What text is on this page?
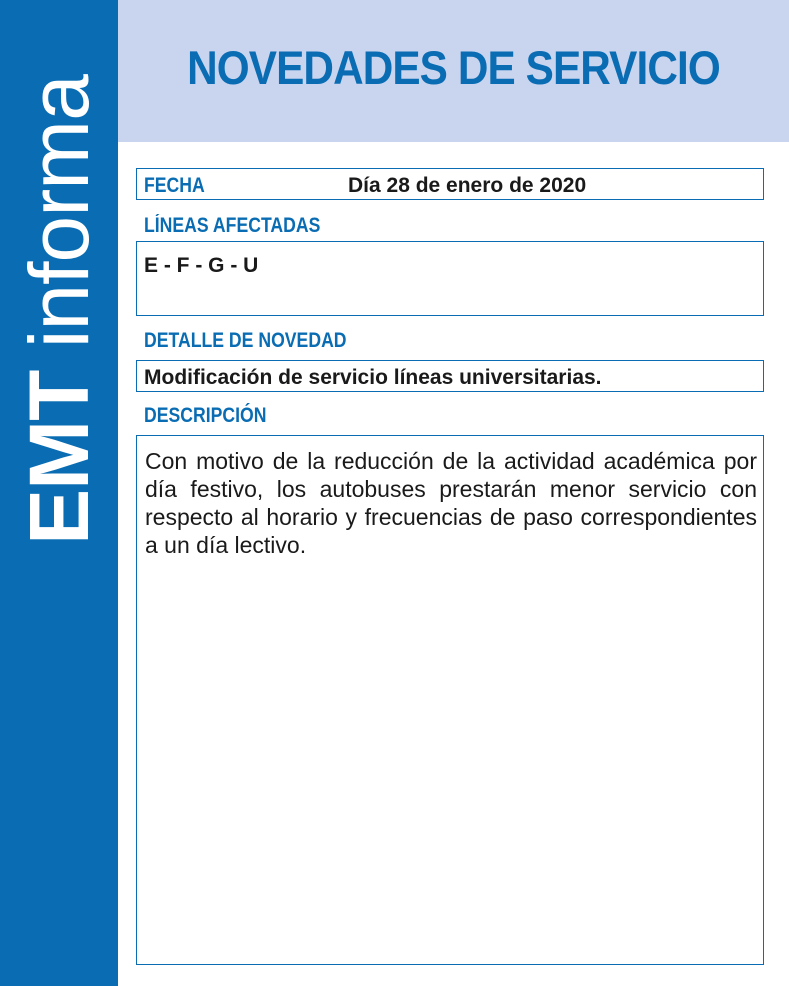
EMT informa
NOVEDADES DE SERVICIO
FECHA	Día 28 de enero de 2020
LÍNEAS AFECTADAS
E - F - G - U
DETALLE DE NOVEDAD
Modificación de servicio líneas universitarias.
DESCRIPCIÓN
Con motivo de la reducción de la actividad académica por día festivo, los autobuses prestarán menor servicio con respecto al horario y frecuencias de paso correspondientes a un día lectivo.
